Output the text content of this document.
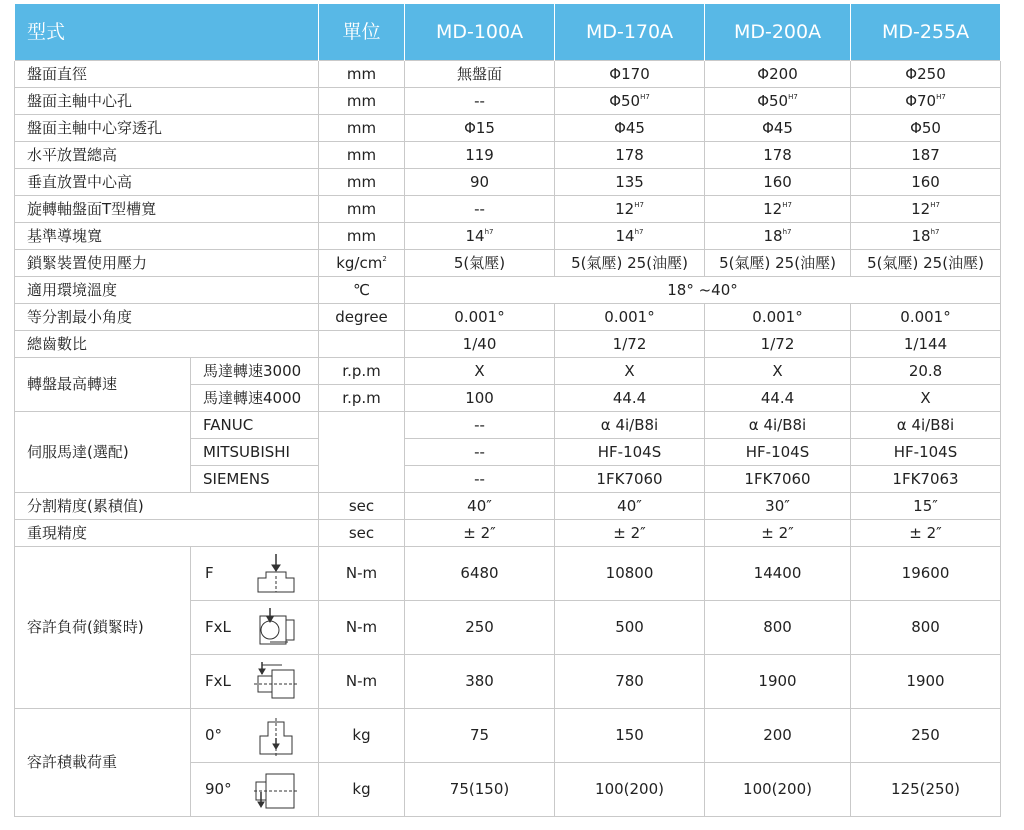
型式		單位	MD-100A	MD-170A	MD-200A	MD-255A
盤面直徑		mm	無盤面	Φ170	Φ200	Φ250
盤面主軸中心孔		mm	--	$\Phi 50^{H7}$	$\Phi 50^{H7}$	$\Phi 70^{H7}$
盤面主軸中心穿透孔		mm	Φ15	Φ45	Φ45	Φ50
水平放置總高		mm	119	178	178	187
垂直放置中心高		mm	90	135	160	160
旋轉軸盤面T型槽寬		mm	--	$12^{H7}$	$12^{H7}$	$12^{H7}$
基準導塊寬		mm	$14^{h7}$	$14^{h7}$	$18^{h7}$	$18^{h7}$
鎖緊裝置使用壓力		$kg/cm^2$	5(氣壓)	5(氣壓) 25(油壓)	5(氣壓) 25(油壓)	5(氣壓) 25(油壓)
適用環境溫度		℃	18° ~40°			
等分割最小角度		degree	0.001°	0.001°	0.001°	0.001°
總齒數比			1/40	1/72	1/72	1/144
轉盤最高轉速	馬達轉速3000	r.p.m	X	X	X	20.8
	馬達轉速4000	r.p.m	100	44.4	44.4	X
伺服馬達(選配)	FANUC		--	α 4i/B8i	α 4i/B8i	α 4i/B8i
	MITSUBISHI		--	HF-104S	HF-104S	HF-104S
	SIEMENS		--	1FK7060	1FK7060	1FK7063
分割精度(累積值)		sec	40″	40″	30″	15″
重現精度		sec	± 2″	± 2″	± 2″	± 2″
容許負荷(鎖緊時)	F	N-m	6480	10800	14400	19600

	FxL	N-m	250	500	800	800

	FxL	N-m	380	780	1900	1900
容許積載荷重	0°	kg	75	150	200	250

	90°	kg	75(150)	100(200)	100(200)	125(250)
